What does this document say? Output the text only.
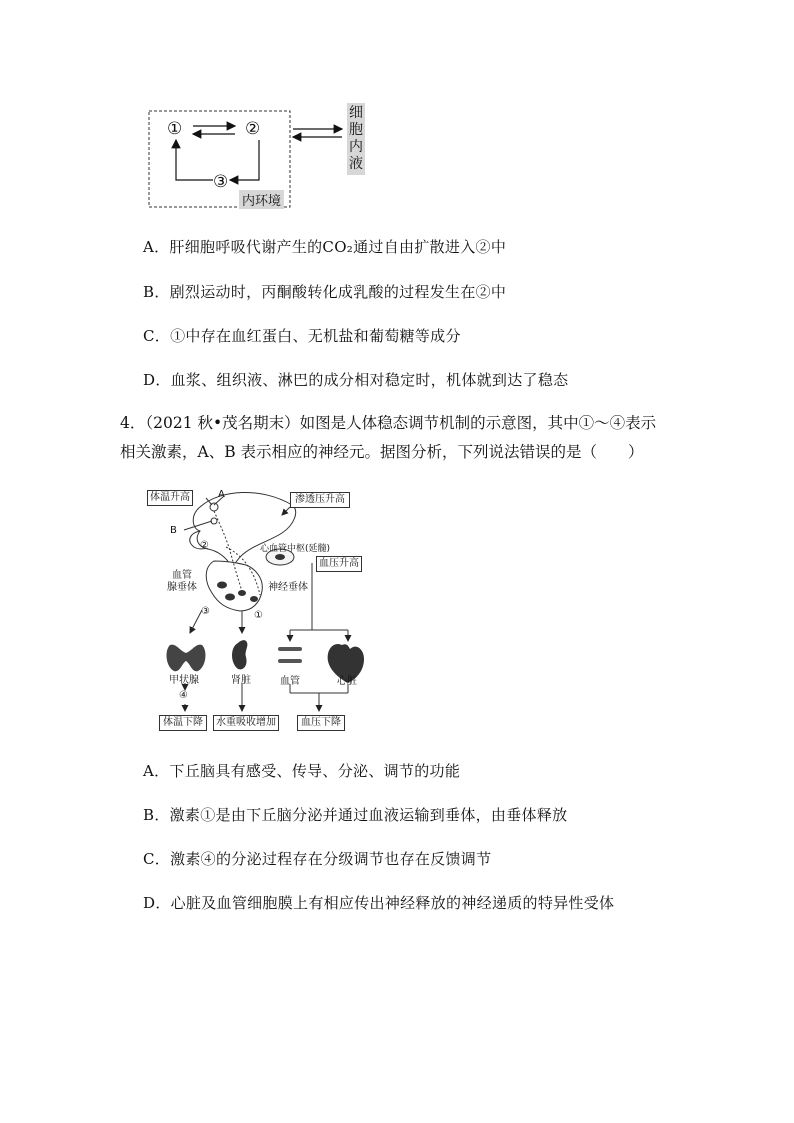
①	②
③
内环境
细
胞
内
液
A．肝细胞呼吸代谢产生的CO₂通过自由扩散进入②中
B．剧烈运动时，丙酮酸转化成乳酸的过程发生在②中
C．①中存在血红蛋白、无机盐和葡萄糖等成分
D．血浆、组织液、淋巴的成分相对稳定时，机体就到达了稳态
4．（2021 秋•茂名期末）如图是人体稳态调节机制的示意图，其中①～④表示
相关激素，A、B 表示相应的神经元。据图分析，下列说法错误的是（　　）
体温升高	渗透压升高
A
B
②	心血管中枢(延髓)
血压升高
血管
腺垂体	神经垂体
③	①
甲状腺	肾脏	血管	心脏
④
体温下降	水重吸收增加	血压下降
A．下丘脑具有感受、传导、分泌、调节的功能
B．激素①是由下丘脑分泌并通过血液运输到垂体，由垂体释放
C．激素④的分泌过程存在分级调节也存在反馈调节
D．心脏及血管细胞膜上有相应传出神经释放的神经递质的特异性受体
